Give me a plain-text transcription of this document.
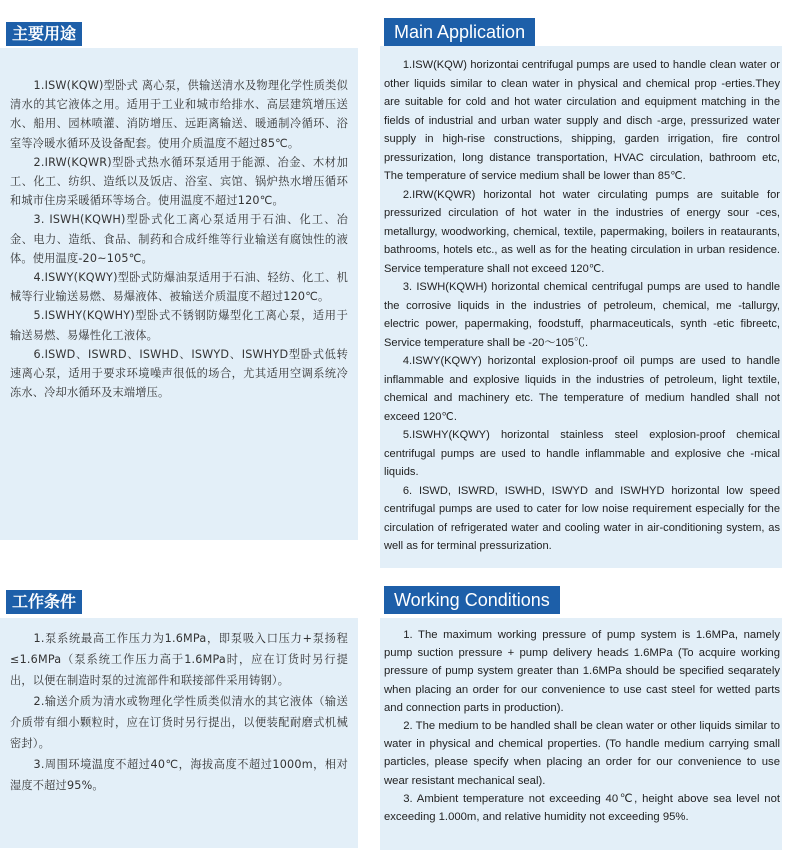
主要用途	Main Application

1.ISW(KQW)型卧式 离心泵，供输送清水及物理化学性质类似清水的其它液体之用。适用于工业和城市给排水、高层建筑增压送水、船用、园林喷灌、消防增压、远距离输送、暖通制冷循环、浴室等冷暖水循环及设备配套。使用介质温度不超过85℃。

2.IRW(KQWR)型卧式热水循环泵适用于能源、冶金、木材加工、化工、纺织、造纸以及饭店、浴室、宾馆、锅炉热水增压循环和城市住房采暖循环等场合。使用温度不超过120℃。

3. ISWH(KQWH)型卧式化工离心泵适用于石油、化工、冶金、电力、造纸、食品、制药和合成纤维等行业输送有腐蚀性的液体。使用温度-20~105℃。

4.ISWY(KQWY)型卧式防爆油泵适用于石油、轻纺、化工、机械等行业输送易燃、易爆液体、被输送介质温度不超过120℃。

5.ISWHY(KQWHY)型卧式不锈钢防爆型化工离心泵，适用于输送易燃、易爆性化工液体。

6.ISWD、ISWRD、ISWHD、ISWYD、ISWHYD型卧式低转速离心泵，适用于要求环境噪声很低的场合，尤其适用空调系统冷冻水、冷却水循环及末端增压。

1.ISW(KQW) horizontai centrifugal pumps are used to handle clean water or other liquids similar to clean water in physical and chemical prop -erties.They are suitable for cold and hot water circulation and equipment matching in the fields of industrial and urban water supply and disch -arge, pressurized water supply in high-rise constructions, shipping, garden irrigation, fire control pressurization, long distance transportation, HVAC circulation, bathroom etc, The temperature of service medium shall be lower than 85℃.

2.IRW(KQWR) horizontal hot water circulating pumps are suitable for pressurized circulation of hot water in the industries of energy sour -ces, metallurgy, woodworking, chemical, textile, papermaking, boilers in reataurants, bathrooms, hotels etc., as well as for the heating circulation in urban residence. Service temperature shall not exceed 120℃.

3. ISWH(KQWH) horizontal chemical centrifugal pumps are used to handle the corrosive liquids in the industries of petroleum, chemical, me -tallurgy, electric power, papermaking, foodstuff, pharmaceuticals, synth -etic fibreetc, Service temperature shall be -20～105℃.

4.ISWY(KQWY) horizontal explosion-proof oil pumps are used to handle inflammable and explosive liquids in the industries of petroleum, light textile, chemical and machinery etc. The temperature of medium handled shall not exceed 120℃.

5.ISWHY(KQWY) horizontal stainless steel explosion-proof chemical centrifugal pumps are used to handle inflammable and explosive che -mical liquids.

6. ISWD, ISWRD, ISWHD, ISWYD and ISWHYD horizontal low speed centrifugal pumps are used to cater for low noise requirement especially for the circulation of refrigerated water and cooling water in air-conditioning system, as well as for terminal pressurization.

工作条件	Working Conditions

1.泵系统最高工作压力为1.6MPa，即泵吸入口压力+泵扬程≤1.6MPa（泵系统工作压力高于1.6MPa时，应在订货时另行提出，以便在制造时泵的过流部件和联接部件采用铸钢）。

2.输送介质为清水或物理化学性质类似清水的其它液体（输送介质带有细小颗粒时，应在订货时另行提出，以便装配耐磨式机械密封）。

3.周围环境温度不超过40℃，海拔高度不超过1000m，相对湿度不超过95%。

1. The maximum working pressure of pump system is 1.6MPa, namely pump suction pressure + pump delivery head≤ 1.6MPa (To acquire working pressure of pump system greater than 1.6MPa should be specified seqarately when placing an order for our convenience to use cast steel for wetted parts and connection parts in production).

2. The medium to be handled shall be clean water or other liquids similar to water in physical and chemical properties. (To handle medium carrying small particles, please specify when placing an order for our convenience to use wear resistant mechanical seal).

3. Ambient temperature not exceeding 40℃, height above sea level not exceeding 1.000m, and relative humidity not exceeding 95%.
